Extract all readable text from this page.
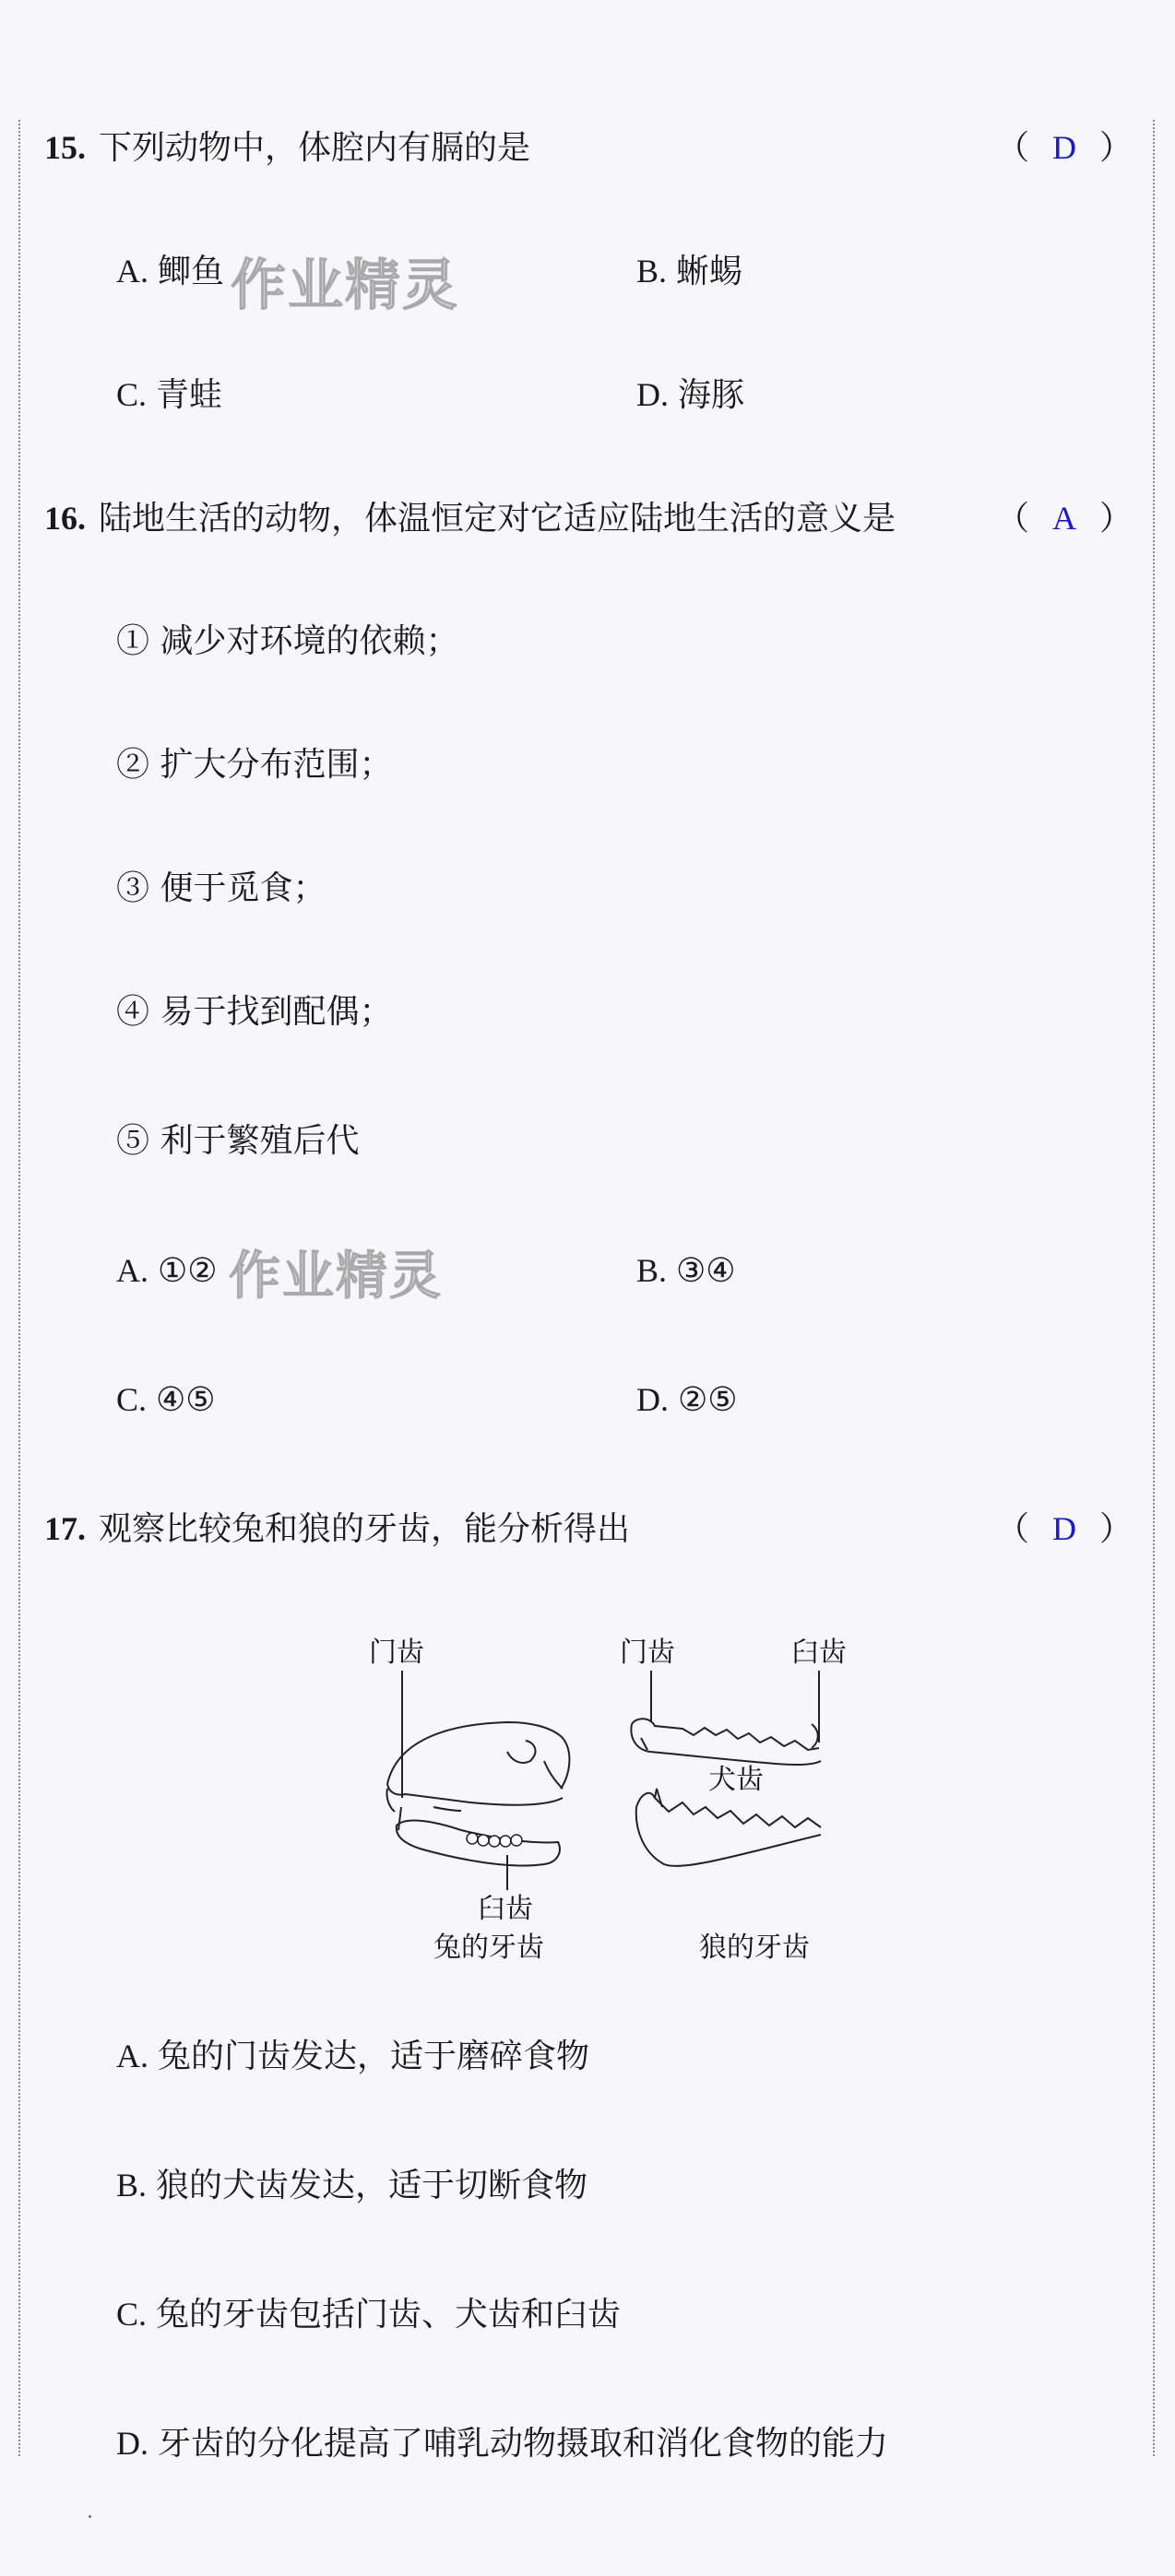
15. 下列动物中，体腔内有膈的是	（ D ）
A. 鲫鱼	B. 蜥蜴
C. 青蛙	D. 海豚
作业精灵
16. 陆地生活的动物，体温恒定对它适应陆地生活的意义是	（ A ）
① 减少对环境的依赖；
② 扩大分布范围；
③ 便于觅食；
④ 易于找到配偶；
⑤ 利于繁殖后代
A. ①②	B. ③④
C. ④⑤	D. ②⑤
作业精灵
17. 观察比较兔和狼的牙齿，能分析得出	（ D ）
门齿
臼齿
兔的牙齿
门齿	臼齿
犬齿
狼的牙齿
A. 兔的门齿发达，适于磨碎食物
B. 狼的犬齿发达，适于切断食物
C. 兔的牙齿包括门齿、犬齿和臼齿
D. 牙齿的分化提高了哺乳动物摄取和消化食物的能力
